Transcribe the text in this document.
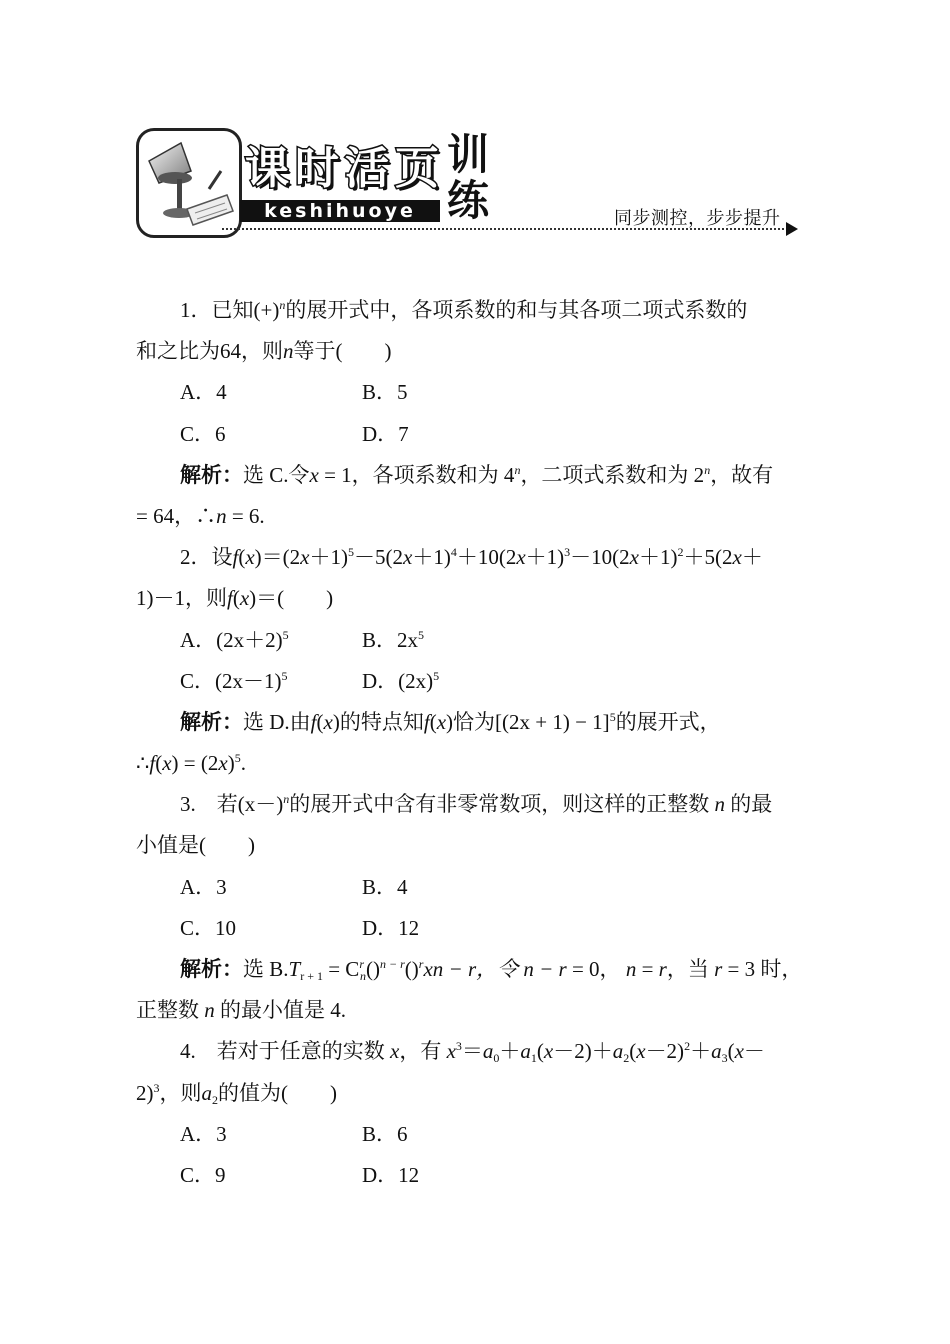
课 时 活 页
keshihuoye
训
练	同步测控，步步提升
1．已知$(+)^n$的展开式中，各项系数的和与其各项二项式系数的
和之比为64，则n等于(　　)
A．4	B．5
C．6	D．7
解析：选 C.令x = 1，各项系数和为 4$^n$，二项式系数和为 2$^n$，故有
= 64，∴n = 6.
2．设$f(x)=(2x+1)^5-5(2x+1)^4+10(2x+1)^3-10(2x+1)^2+5(2x+$
1)－1，则f(x)＝(　　)
A．$(2x+2)^5$	B．$2x^5$
C．$(2x-1)^5$	D．$(2x)^5$
解析：选 D.由f(x)的特点知f(x)恰为$[(2x + 1) - 1]^5$的展开式，
∴f(x) = $(2x)^5$.
3.　若$(x-)^n$的展开式中含有非零常数项，则这样的正整数 n 的最
小值是(　　)
A．3	B．4
C．10	D．12
解析：选 $B.T_{r + 1} = C^r_n()^{n - r}()^rxn - r$，令 n − r = 0， n = r，当 r = 3 时，
正整数 n 的最小值是 4.
4.　若对于任意的实数 x，有 $x^3=a_0+a_1(x-2)+a_2(x-2)^2+a_3(x-$
2)$^3$，则$a_2$的值为(　　)
A．3	B．6
C．9	D．12
